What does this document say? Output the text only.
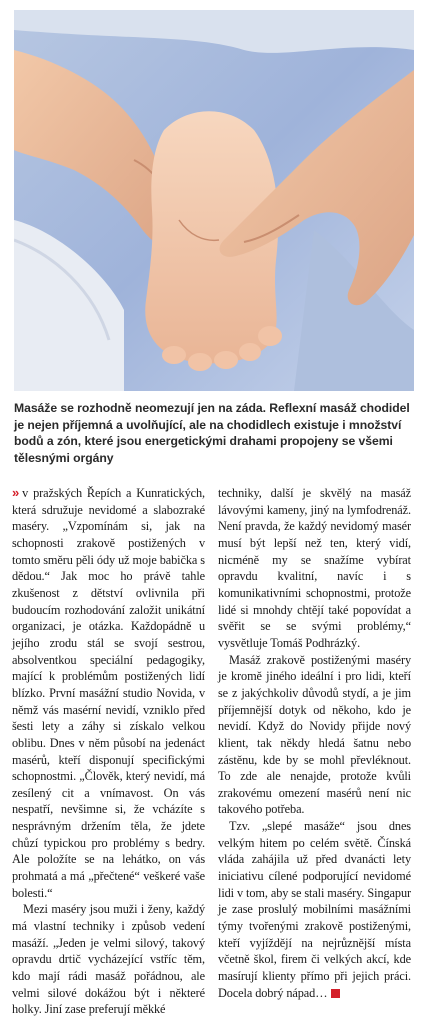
Masáže se rozhodně neomezují jen na záda. Reflexní masáž chodidel je nejen příjemná a uvolňující, ale na chodidlech existuje i množství bodů a zón, které jsou energetickými drahami propojeny se všemi tělesnými orgány

» v pražských Řepích a Kunratických, která sdružuje nevidomé a slabozraké maséry. „Vzpomínám si, jak na schopnosti zrakově postižených v tomto směru pěli ódy už moje babička s dědou.“ Jak moc ho právě tahle zkušenost z dětství ovlivnila při budoucím rozhodování založit unikátní organizaci, je otázka. Každopádně u jejího zrodu stál se svojí sestrou, absolventkou speciální pedagogiky, mající k problémům postižených lidí blízko. První masážní studio Novida, v němž vás masérní nevidí, vzniklo před šesti lety a záhy si získalo velkou oblibu. Dnes v něm působí na jedenáct masérů, kteří disponují specifickými schopnostmi. „Člověk, který nevidí, má zesílený cit a vnímavost. On vás nespatří, nevšimne si, že vcházíte s nesprávným držením těla, že jdete chůzí typickou pro problémy s bedry. Ale položíte se na lehátko, on vás prohmatá a má „přečtené“ veškeré vaše bolesti.“

Mezi maséry jsou muži i ženy, každý má vlastní techniky i způsob vedení masáží. „Jeden je velmi silový, takový opravdu drtič vycházející vstříc těm, kdo mají rádi masáž pořádnou, ale velmi silové dokážou být i některé holky. Jiní zase preferují měkké

techniky, další je skvělý na masáž lávovými kameny, jiný na lymfodrenáž. Není pravda, že každý nevidomý masér musí být lepší než ten, který vidí, nicméně my se snažíme vybírat opravdu kvalitní, navíc i s komunikativními schopnostmi, protože lidé si mnohdy chtějí také popovídat a svěřit se se svými problémy,“ vysvětluje Tomáš Podhrázký.

Masáž zrakově postiženými maséry je kromě jiného ideální i pro lidi, kteří se z jakýchkoliv důvodů stydí, a je jim příjemnější dotyk od někoho, kdo je nevidí. Když do Novidy přijde nový klient, tak někdy hledá šatnu nebo zástěnu, kde by se mohl převléknout. To zde ale nenajde, protože kvůli zrakovému omezení masérů není nic takového potřeba.

Tzv. „slepé masáže“ jsou dnes velkým hitem po celém světě. Čínská vláda zahájila už před dvanácti lety iniciativu cílené podporující nevidomé lidi v tom, aby se stali maséry. Singapur je zase proslulý mobilními masážními týmy tvořenými zrakově postiženými, kteří vyjíždějí na nejrůznější místa včetně škol, firem či velkých akcí, kde masírují klienty přímo při jejich práci. Docela dobrý nápad…
